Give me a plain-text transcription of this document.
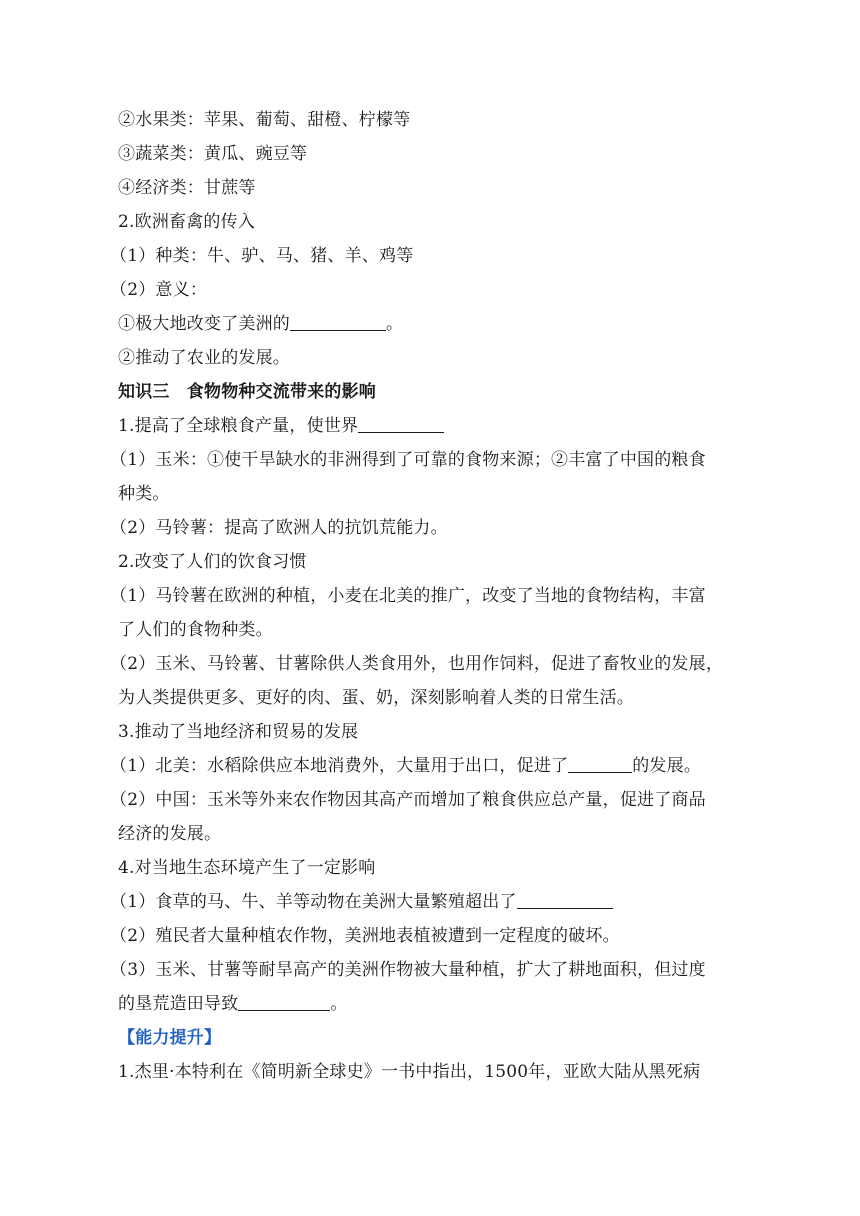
②水果类：苹果、葡萄、甜橙、柠檬等
③蔬菜类：黄瓜、豌豆等
④经济类：甘蔗等
2.欧洲畜禽的传入
（1）种类：牛、驴、马、猪、羊、鸡等
（2）意义：
①极大地改变了美洲的	。
②推动了农业的发展。
知识三　食物物种交流带来的影响
1.提高了全球粮食产量，使世界
（1）玉米：①使干旱缺水的非洲得到了可靠的食物来源；②丰富了中国的粮食
种类。
（2）马铃薯：提高了欧洲人的抗饥荒能力。
2.改变了人们的饮食习惯
（1）马铃薯在欧洲的种植，小麦在北美的推广，改变了当地的食物结构，丰富
了人们的食物种类。
（2）玉米、马铃薯、甘薯除供人类食用外，也用作饲料，促进了畜牧业的发展，
为人类提供更多、更好的肉、蛋、奶，深刻影响着人类的日常生活。
3.推动了当地经济和贸易的发展
（1）北美：水稻除供应本地消费外，大量用于出口，促进了	的发展。
（2）中国：玉米等外来农作物因其高产而增加了粮食供应总产量，促进了商品
经济的发展。
4.对当地生态环境产生了一定影响
（1）食草的马、牛、羊等动物在美洲大量繁殖超出了
（2）殖民者大量种植农作物，美洲地表植被遭到一定程度的破坏。
（3）玉米、甘薯等耐旱高产的美洲作物被大量种植，扩大了耕地面积，但过度
的垦荒造田导致	。
【能力提升】
1.杰里·本特利在《简明新全球史》一书中指出，1500年，亚欧大陆从黑死病
